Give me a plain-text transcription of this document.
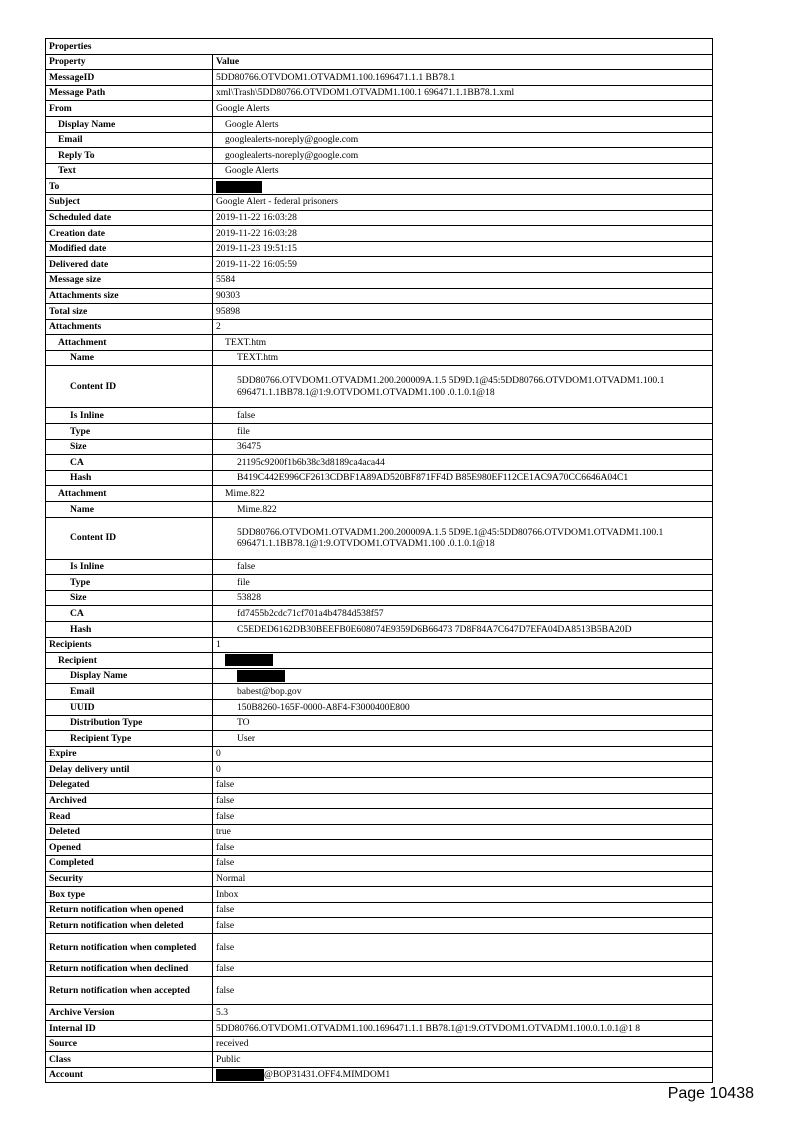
Properties	
Property	Value
MessageID	5DD80766.OTVDOM1.OTVADM1.100.1696471.1.1 BB78.1
Message Path	xml\Trash\5DD80766.OTVDOM1.OTVADM1.100.1 696471.1.1BB78.1.xml
From	Google Alerts
Display Name	Google Alerts
Email	googlealerts-noreply@google.com
Reply To	googlealerts-noreply@google.com
Text	Google Alerts
To	
Subject	Google Alert - federal prisoners
Scheduled date	2019-11-22 16:03:28
Creation date	2019-11-22 16:03:28
Modified date	2019-11-23 19:51:15
Delivered date	2019-11-22 16:05:59
Message size	5584
Attachments size	90303
Total size	95898
Attachments	2
Attachment	TEXT.htm
Name	TEXT.htm
Content ID	5DD80766.OTVDOM1.OTVADM1.200.200009A.1.5 5D9D.1@45:5DD80766.OTVDOM1.OTVADM1.100.1 696471.1.1BB78.1@1:9.OTVDOM1.OTVADM1.100 .0.1.0.1@18
Is Inline	false
Type	file
Size	36475
CA	21195c9200f1b6b38c3d8189ca4aca44
Hash	B419C442E996CF2613CDBF1A89AD520BF871FF4D B85E980EF112CE1AC9A70CC6646A04C1
Attachment	Mime.822
Name	Mime.822
Content ID	5DD80766.OTVDOM1.OTVADM1.200.200009A.1.5 5D9E.1@45:5DD80766.OTVDOM1.OTVADM1.100.1 696471.1.1BB78.1@1:9.OTVDOM1.OTVADM1.100 .0.1.0.1@18
Is Inline	false
Type	file
Size	53828
CA	fd7455b2cdc71cf701a4b4784d538f57
Hash	C5EDED6162DB30BEEFB0E608074E9359D6B66473 7D8F84A7C647D7EFA04DA8513B5BA20D
Recipients	1
Recipient	
Display Name	
Email	babest@bop.gov
UUID	150B8260-165F-0000-A8F4-F3000400E800
Distribution Type	TO
Recipient Type	User
Expire	0
Delay delivery until	0
Delegated	false
Archived	false
Read	false
Deleted	true
Opened	false
Completed	false
Security	Normal
Box type	Inbox
Return notification when opened	false
Return notification when deleted	false
Return notification when completed	false
Return notification when declined	false
Return notification when accepted	false
Archive Version	5.3
Internal ID	5DD80766.OTVDOM1.OTVADM1.100.1696471.1.1 BB78.1@1:9.OTVDOM1.OTVADM1.100.0.1.0.1@1 8
Source	received
Class	Public
Account	@BOP31431.OFF4.MIMDOM1
Page 10438
